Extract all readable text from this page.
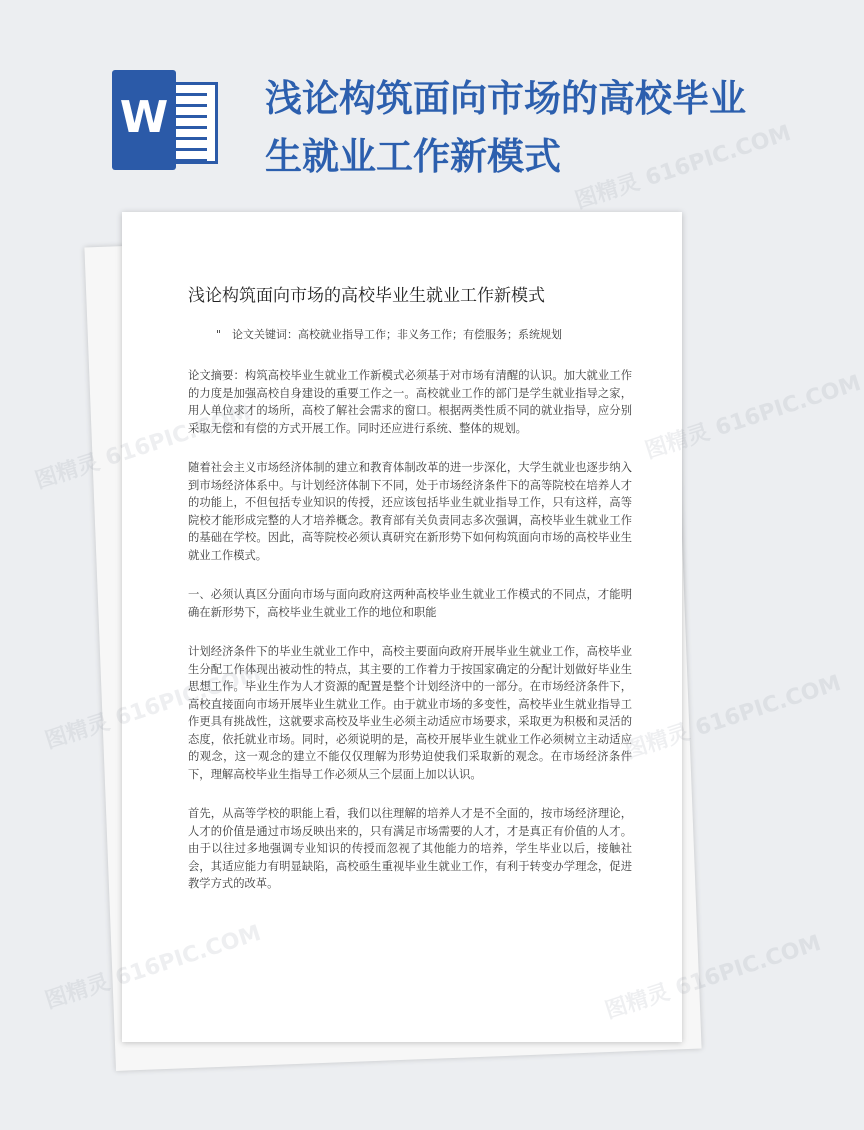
W	浅论构筑面向市场的高校毕业生就业工作新模式
浅论构筑面向市场的高校毕业生就业工作新模式

"　论文关键词：高校就业指导工作；非义务工作；有偿服务；系统规划

论文摘要：构筑高校毕业生就业工作新模式必须基于对市场有清醒的认识。加大就业工作的力度是加强高校自身建设的重要工作之一。高校就业工作的部门是学生就业指导之家，用人单位求才的场所，高校了解社会需求的窗口。根据两类性质不同的就业指导，应分别采取无偿和有偿的方式开展工作。同时还应进行系统、整体的规划。

随着社会主义市场经济体制的建立和教育体制改革的进一步深化，大学生就业也逐步纳入到市场经济体系中。与计划经济体制下不同，处于市场经济条件下的高等院校在培养人才的功能上，不但包括专业知识的传授，还应该包括毕业生就业指导工作，只有这样，高等院校才能形成完整的人才培养概念。教育部有关负责同志多次强调，高校毕业生就业工作的基础在学校。因此，高等院校必须认真研究在新形势下如何构筑面向市场的高校毕业生就业工作模式。

一、必须认真区分面向市场与面向政府这两种高校毕业生就业工作模式的不同点，才能明确在新形势下，高校毕业生就业工作的地位和职能

计划经济条件下的毕业生就业工作中，高校主要面向政府开展毕业生就业工作，高校毕业生分配工作体现出被动性的特点，其主要的工作着力于按国家确定的分配计划做好毕业生思想工作。毕业生作为人才资源的配置是整个计划经济中的一部分。在市场经济条件下，高校直接面向市场开展毕业生就业工作。由于就业市场的多变性，高校毕业生就业指导工作更具有挑战性，这就要求高校及毕业生必须主动适应市场要求，采取更为积极和灵活的态度，依托就业市场。同时，必须说明的是，高校开展毕业生就业工作必须树立主动适应的观念，这一观念的建立不能仅仅理解为形势迫使我们采取新的观念。在市场经济条件下，理解高校毕业生指导工作必须从三个层面上加以认识。

首先，从高等学校的职能上看，我们以往理解的培养人才是不全面的，按市场经济理论，人才的价值是通过市场反映出来的，只有满足市场需要的人才，才是真正有价值的人才。由于以往过多地强调专业知识的传授而忽视了其他能力的培养，学生毕业以后，接触社会，其适应能力有明显缺陷，高校亟生重视毕业生就业工作，有利于转变办学理念，促进教学方式的改革。

图精灵 616PIC.COM
图精灵 616PIC.COM
图精灵
图精灵	图精灵 616PIC.COM
图精灵	图精灵 616PIC.COM
